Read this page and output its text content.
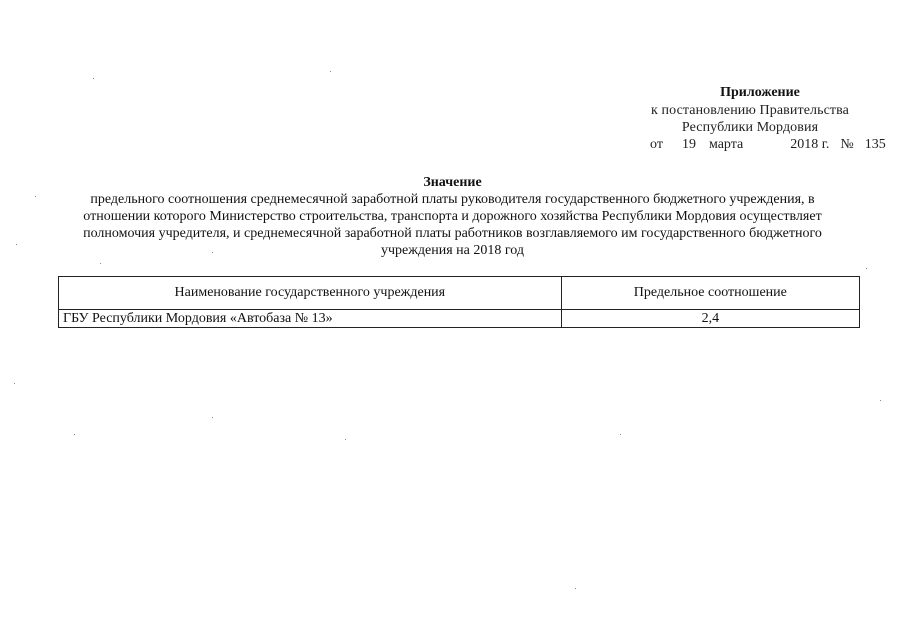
Приложение
к постановлению Правительства
Республики Мордовия
от 19 марта	2018 г. № 135
Значение
предельного соотношения среднемесячной заработной платы руководителя государственного бюджетного учреждения, в
отношении которого Министерство строительства, транспорта и дорожного хозяйства Республики Мордовия осуществляет
полномочия учредителя, и среднемесячной заработной платы работников возглавляемого им государственного бюджетного
учреждения на 2018 год
Наименование государственного учреждения	Предельное соотношение
ГБУ Республики Мордовия «Автобаза № 13»	2,4
